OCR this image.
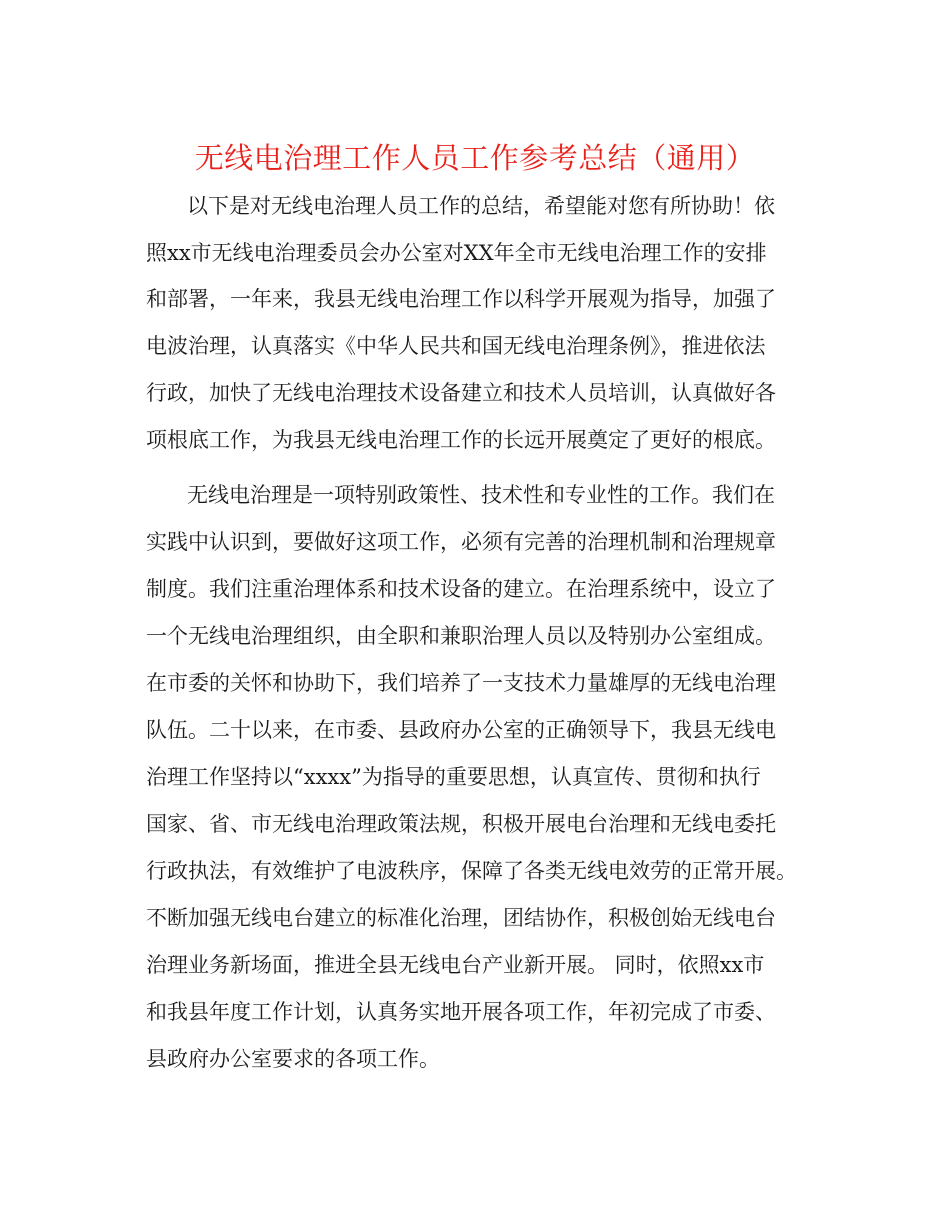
无线电治理工作人员工作参考总结（通用）
以下是对无线电治理人员工作的总结，希望能对您有所协助！依
照xx市无线电治理委员会办公室对XX年全市无线电治理工作的安排
和部署，一年来，我县无线电治理工作以科学开展观为指导，加强了
电波治理，认真落实《中华人民共和国无线电治理条例》，推进依法
行政，加快了无线电治理技术设备建立和技术人员培训，认真做好各
项根底工作，为我县无线电治理工作的长远开展奠定了更好的根底。
无线电治理是一项特别政策性、技术性和专业性的工作。我们在
实践中认识到，要做好这项工作，必须有完善的治理机制和治理规章
制度。我们注重治理体系和技术设备的建立。在治理系统中，设立了
一个无线电治理组织，由全职和兼职治理人员以及特别办公室组成。
在市委的关怀和协助下，我们培养了一支技术力量雄厚的无线电治理
队伍。二十以来，在市委、县政府办公室的正确领导下，我县无线电
治理工作坚持以“xxxx”为指导的重要思想，认真宣传、贯彻和执行
国家、省、市无线电治理政策法规，积极开展电台治理和无线电委托
行政执法，有效维护了电波秩序，保障了各类无线电效劳的正常开展。
不断加强无线电台建立的标准化治理，团结协作，积极创始无线电台
治理业务新场面，推进全县无线电台产业新开展。 同时，依照xx市
和我县年度工作计划，认真务实地开展各项工作，年初完成了市委、
县政府办公室要求的各项工作。
